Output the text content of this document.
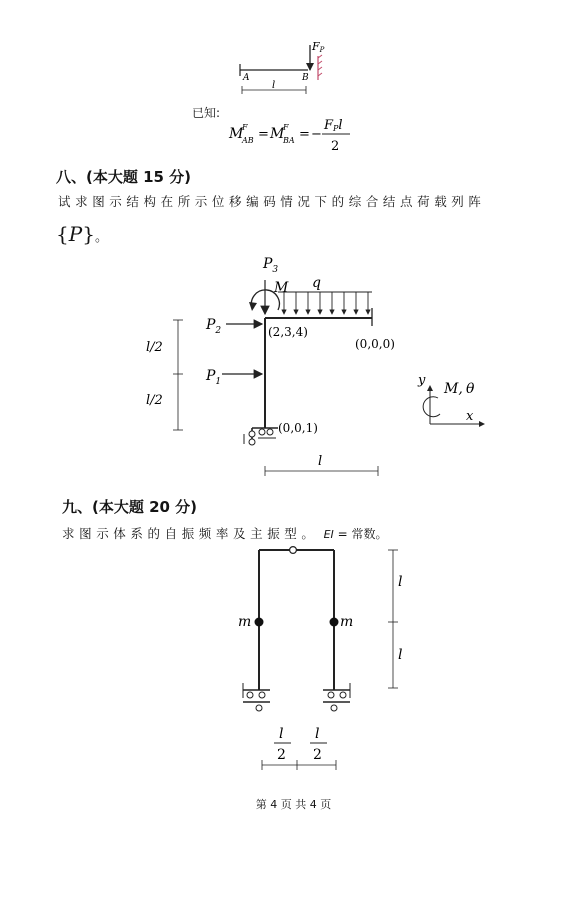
FP
A	B
l
已知:
M
F
AB = M
F
BA = −
FPl
2
八、(本大题 15 分)
试求图示结构在所示位移编码情况下的综合结点荷载列阵
{P}。
$P_3$
M q
$P_2$
$P_1$
(2,3,4)
(0,0,0)
(0,0,1)
l/2
l/2
l
y
x
M, θ
九、(本大题 20 分)
求图示体系的自振频率及主振型。 EI = 常数。
m	m
l
l
l
2
l
2
第 4 页 共 4 页
